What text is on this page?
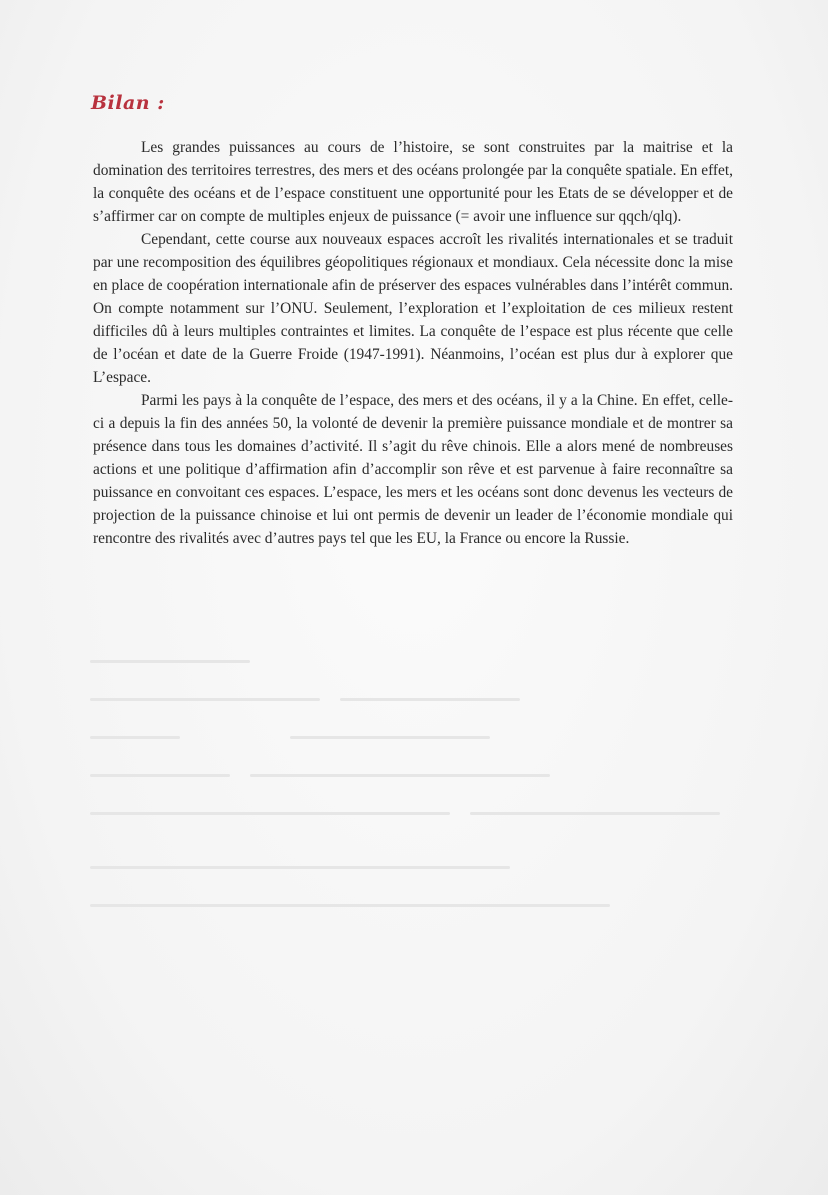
Bilan :

Les grandes puissances au cours de l’histoire, se sont construites par la maitrise et la domination des territoires terrestres, des mers et des océans prolongée par la conquête spatiale. En effet, la conquête des océans et de l’espace constituent une opportunité pour les Etats de se développer et de s’affirmer car on compte de multiples enjeux de puissance (= avoir une influence sur qqch/qlq).

Cependant, cette course aux nouveaux espaces accroît les rivalités internationales et se traduit par une recomposition des équilibres géopolitiques régionaux et mondiaux. Cela nécessite donc la mise en place de coopération internationale afin de préserver des espaces vulnérables dans l’intérêt commun. On compte notamment sur l’ONU. Seulement, l’exploration et l’exploitation de ces milieux restent difficiles dû à leurs multiples contraintes et limites. La conquête de l’espace est plus récente que celle de l’océan et date de la Guerre Froide (1947-1991). Néanmoins, l’océan est plus dur à explorer que L’espace.

Parmi les pays à la conquête de l’espace, des mers et des océans, il y a la Chine. En effet, celle-ci a depuis la fin des années 50, la volonté de devenir la première puissance mondiale et de montrer sa présence dans tous les domaines d’activité. Il s’agit du rêve chinois. Elle a alors mené de nombreuses actions et une politique d’affirmation afin d’accomplir son rêve et est parvenue à faire reconnaître sa puissance en convoitant ces espaces. L’espace, les mers et les océans sont donc devenus les vecteurs de projection de la puissance chinoise et lui ont permis de devenir un leader de l’économie mondiale qui rencontre des rivalités avec d’autres pays tel que les EU, la France ou encore la Russie.
